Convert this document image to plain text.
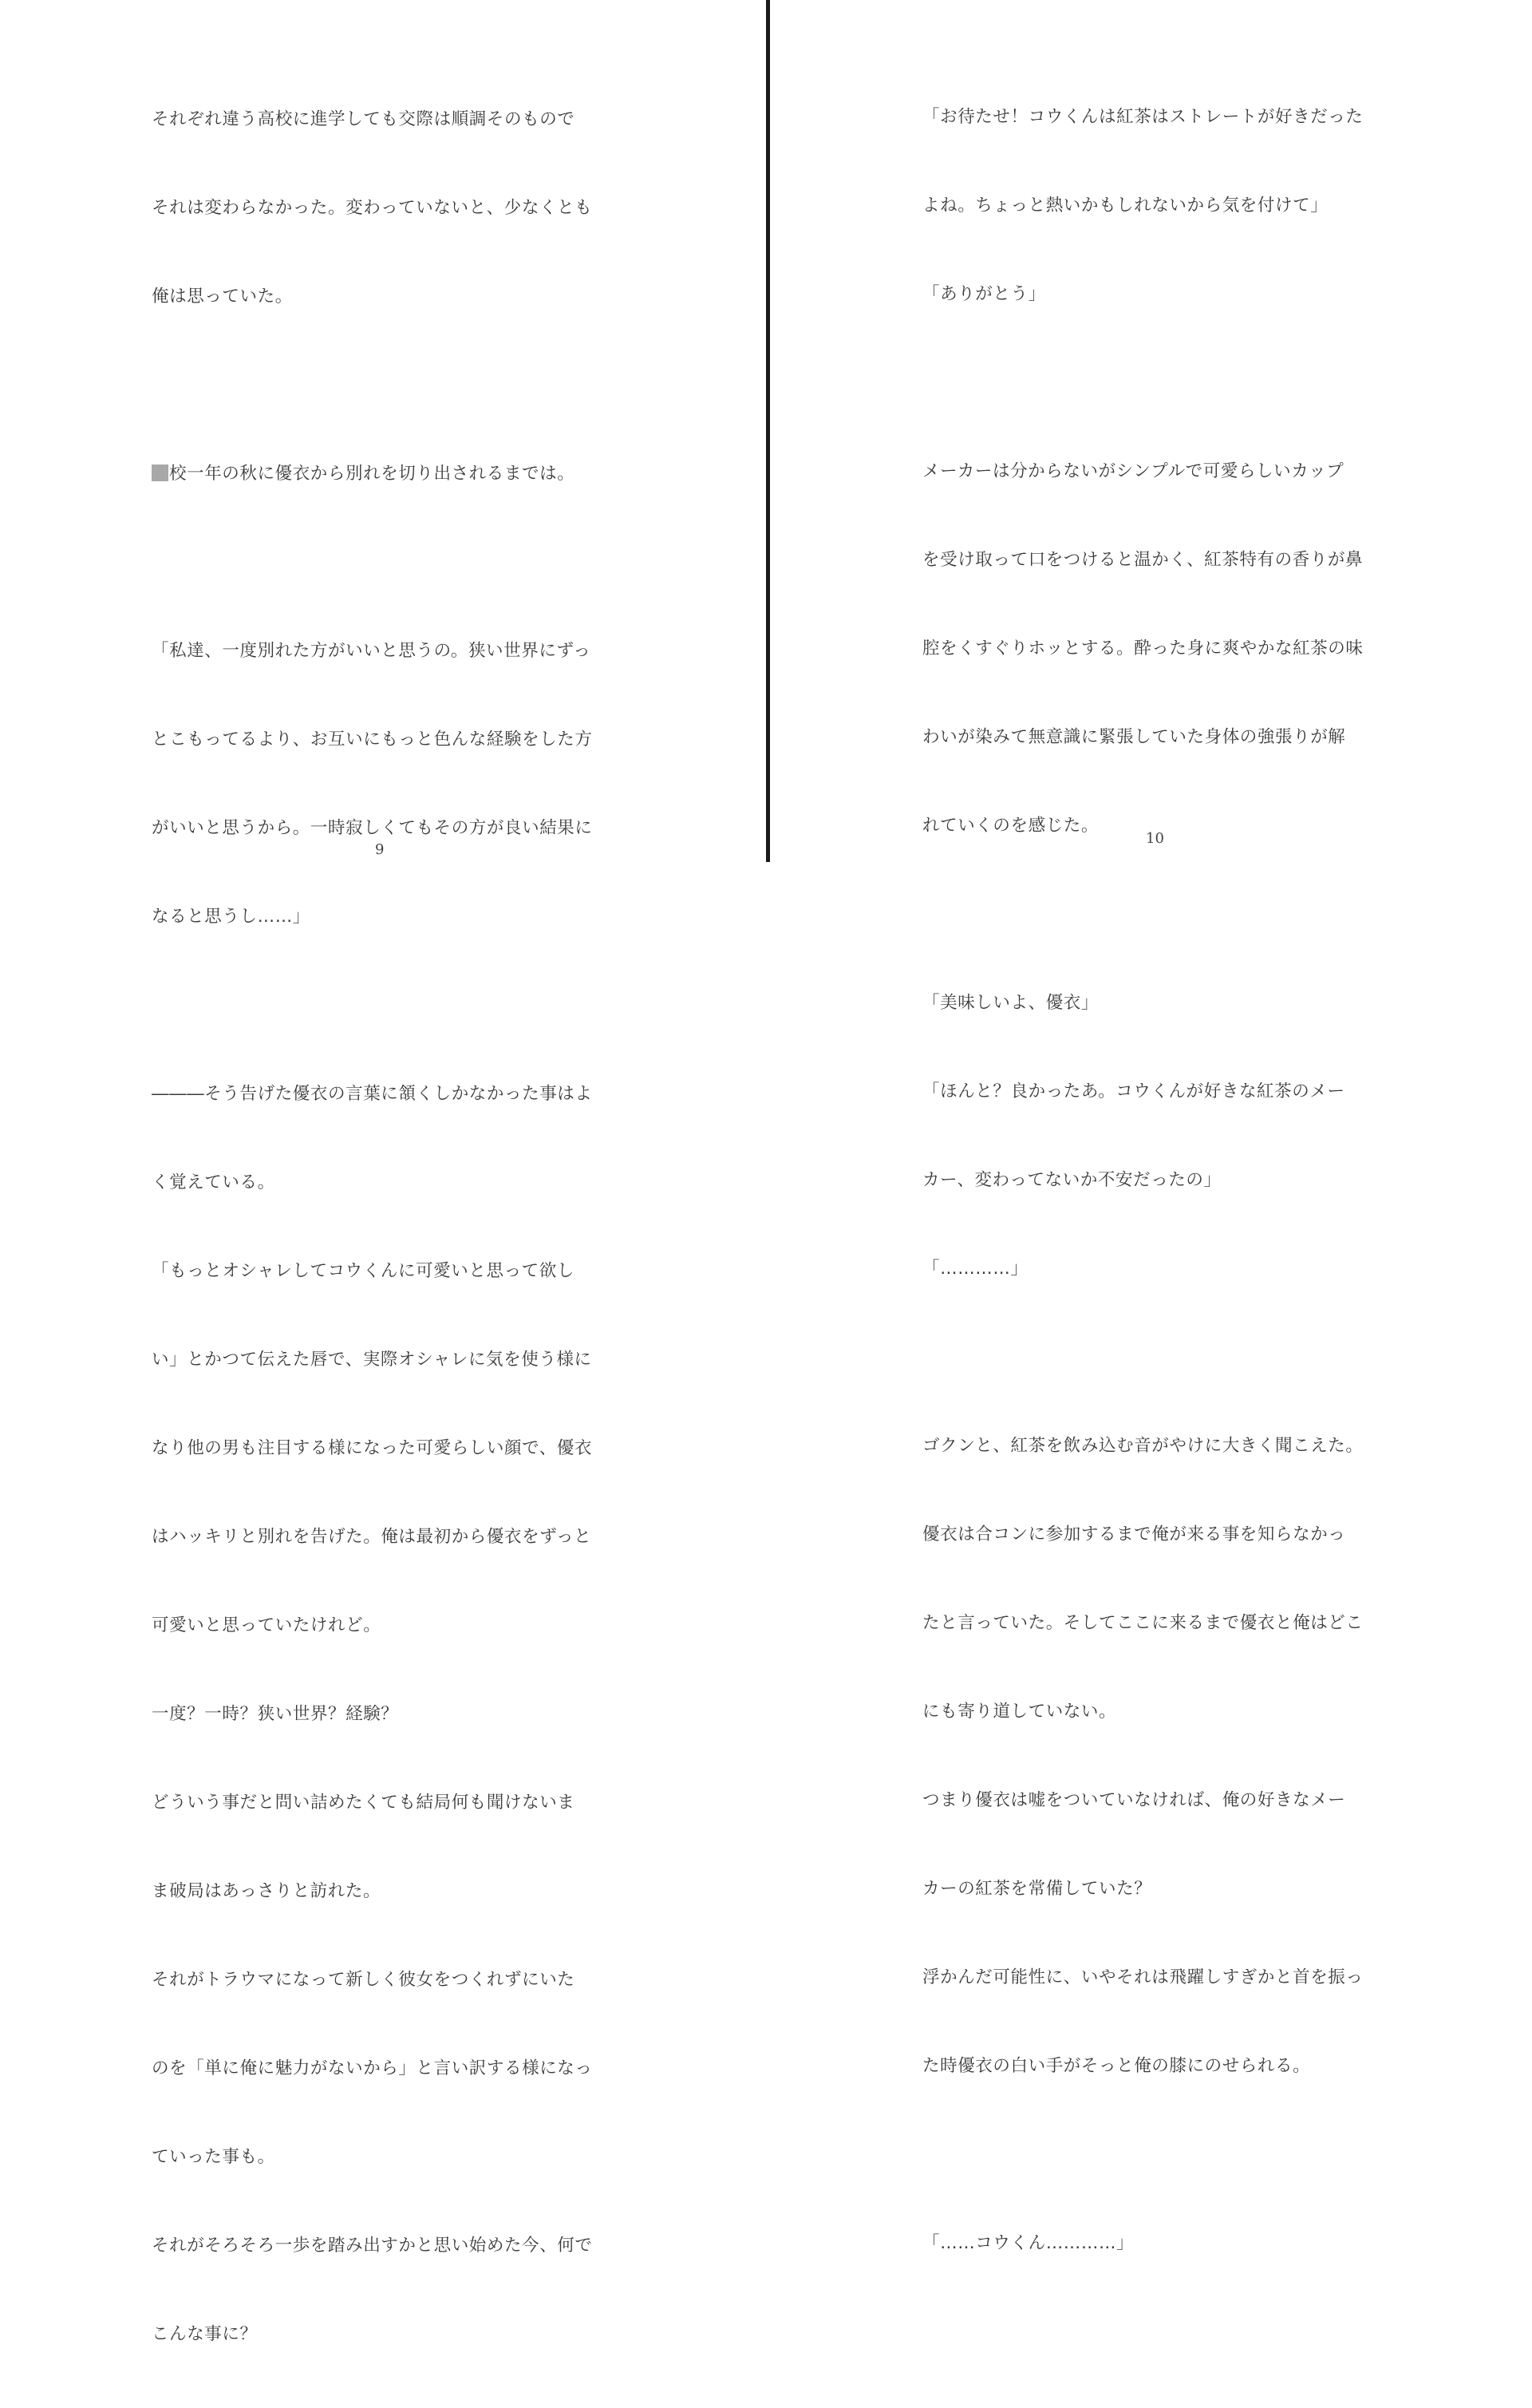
それぞれ違う高校に進学しても交際は順調そのもので

それは変わらなかった。変わっていないと、少なくとも

俺は思っていた。

校一年の秋に優衣から別れを切り出されるまでは。

「私達、一度別れた方がいいと思うの。狭い世界にずっ

とこもってるより、お互いにもっと色んな経験をした方

がいいと思うから。一時寂しくてもその方が良い結果に

なると思うし……」

―――そう告げた優衣の言葉に頷くしかなかった事はよ

く覚えている。

「もっとオシャレしてコウくんに可愛いと思って欲し

い」とかつて伝えた唇で、実際オシャレに気を使う様に

なり他の男も注目する様になった可愛らしい顔で、優衣

はハッキリと別れを告げた。俺は最初から優衣をずっと

可愛いと思っていたけれど。

一度？一時？狭い世界？経験？

どういう事だと問い詰めたくても結局何も聞けないま

ま破局はあっさりと訪れた。

それがトラウマになって新しく彼女をつくれずにいた

のを「単に俺に魅力がないから」と言い訳する様になっ

ていった事も。

それがそろそろ一歩を踏み出すかと思い始めた今、何で

こんな事に？

9

「お待たせ！コウくんは紅茶はストレートが好きだった

よね。ちょっと熱いかもしれないから気を付けて」

「ありがとう」

メーカーは分からないがシンプルで可愛らしいカップ

を受け取って口をつけると温かく、紅茶特有の香りが鼻

腔をくすぐりホッとする。酔った身に爽やかな紅茶の味

わいが染みて無意識に緊張していた身体の強張りが解

れていくのを感じた。

「美味しいよ、優衣」

「ほんと？良かったあ。コウくんが好きな紅茶のメー

カー、変わってないか不安だったの」

「…………」

ゴクンと、紅茶を飲み込む音がやけに大きく聞こえた。

優衣は合コンに参加するまで俺が来る事を知らなかっ

たと言っていた。そしてここに来るまで優衣と俺はどこ

にも寄り道していない。

つまり優衣は嘘をついていなければ、俺の好きなメー

カーの紅茶を常備していた？

浮かんだ可能性に、いやそれは飛躍しすぎかと首を振っ

た時優衣の白い手がそっと俺の膝にのせられる。

「……コウくん…………」

10
